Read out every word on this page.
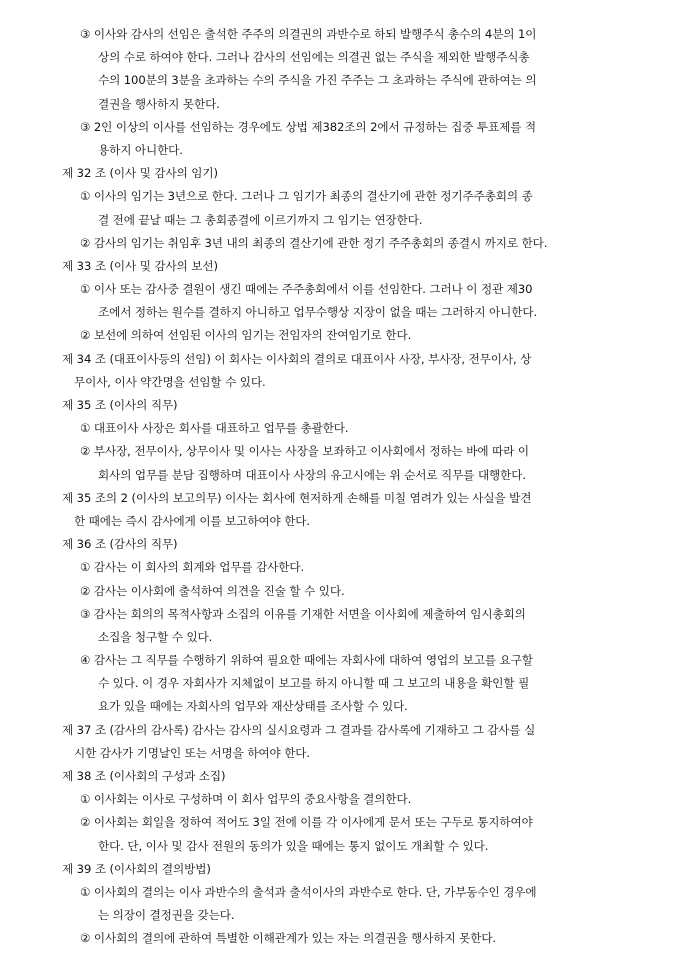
③ 이사와 감사의 선임은 출석한 주주의 의결권의 과반수로 하되 발행주식 총수의 4분의 1이
상의 수로 하여야 한다. 그러나 감사의 선임에는 의결권 없는 주식을 제외한 발행주식총
수의 100분의 3분을 초과하는 수의 주식을 가진 주주는 그 초과하는 주식에 관하여는 의
결권을 행사하지 못한다.
③ 2인 이상의 이사를 선임하는 경우에도 상법 제382조의 2에서 규정하는 집중 투표제를 적
용하지 아니한다.
제 32 조 (이사 및 감사의 임기)
① 이사의 임기는 3년으로 한다. 그러나 그 임기가 최종의 결산기에 관한 정기주주총회의 종
결 전에 끝날 때는 그 총회종결에 이르기까지 그 임기는 연장한다.
② 감사의 임기는 취임후 3년 내의 최종의 결산기에 관한 정기 주주총회의 종결시 까지로 한다.
제 33 조 (이사 및 감사의 보선)
① 이사 또는 감사중 결원이 생긴 때에는 주주총회에서 이를 선임한다. 그러나 이 정관 제30
조에서 정하는 원수를 결하지 아니하고 업무수행상 지장이 없을 때는 그러하지 아니한다.
② 보선에 의하여 선임된 이사의 임기는 전임자의 잔여임기로 한다.
제 34 조 (대표이사등의 선임) 이 회사는 이사회의 결의로 대표이사 사장, 부사장, 전무이사, 상
무이사, 이사 약간명을 선임할 수 있다.
제 35 조 (이사의 직무)
① 대표이사 사장은 회사를 대표하고 업무를 총괄한다.
② 부사장, 전무이사, 상무이사 및 이사는 사장을 보좌하고 이사회에서 정하는 바에 따라 이
회사의 업무를 분담 집행하며 대표이사 사장의 유고시에는 위 순서로 직무를 대행한다.
제 35 조의 2 (이사의 보고의무) 이사는 회사에 현저하게 손해를 미칠 염려가 있는 사실을 발견
한 때에는 즉시 감사에게 이를 보고하여야 한다.
제 36 조 (감사의 직무)
① 감사는 이 회사의 회계와 업무를 감사한다.
② 감사는 이사회에 출석하여 의견을 진술 할 수 있다.
③ 감사는 회의의 목적사항과 소집의 이유를 기재한 서면을 이사회에 제출하여 임시총회의
소집을 청구할 수 있다.
④ 감사는 그 직무를 수행하기 위하여 필요한 때에는 자회사에 대하여 영업의 보고를 요구할
수 있다. 이 경우 자회사가 지체없이 보고를 하지 아니할 때 그 보고의 내용을 확인할 필
요가 있을 때에는 자회사의 업무와 재산상태를 조사할 수 있다.
제 37 조 (감사의 감사록) 감사는 감사의 실시요령과 그 결과를 감사록에 기재하고 그 감사를 실
시한 감사가 기명날인 또는 서명을 하여야 한다.
제 38 조 (이사회의 구성과 소집)
① 이사회는 이사로 구성하며 이 회사 업무의 중요사항을 결의한다.
② 이사회는 회일을 정하여 적어도 3일 전에 이를 각 이사에게 문서 또는 구두로 통지하여야
한다. 단, 이사 및 감사 전원의 동의가 있을 때에는 통지 없이도 개최할 수 있다.
제 39 조 (이사회의 결의방법)
① 이사회의 결의는 이사 과반수의 출석과 출석이사의 과반수로 한다. 단, 가부동수인 경우에
는 의장이 결정권을 갖는다.
② 이사회의 결의에 관하여 특별한 이해관계가 있는 자는 의결권을 행사하지 못한다.
